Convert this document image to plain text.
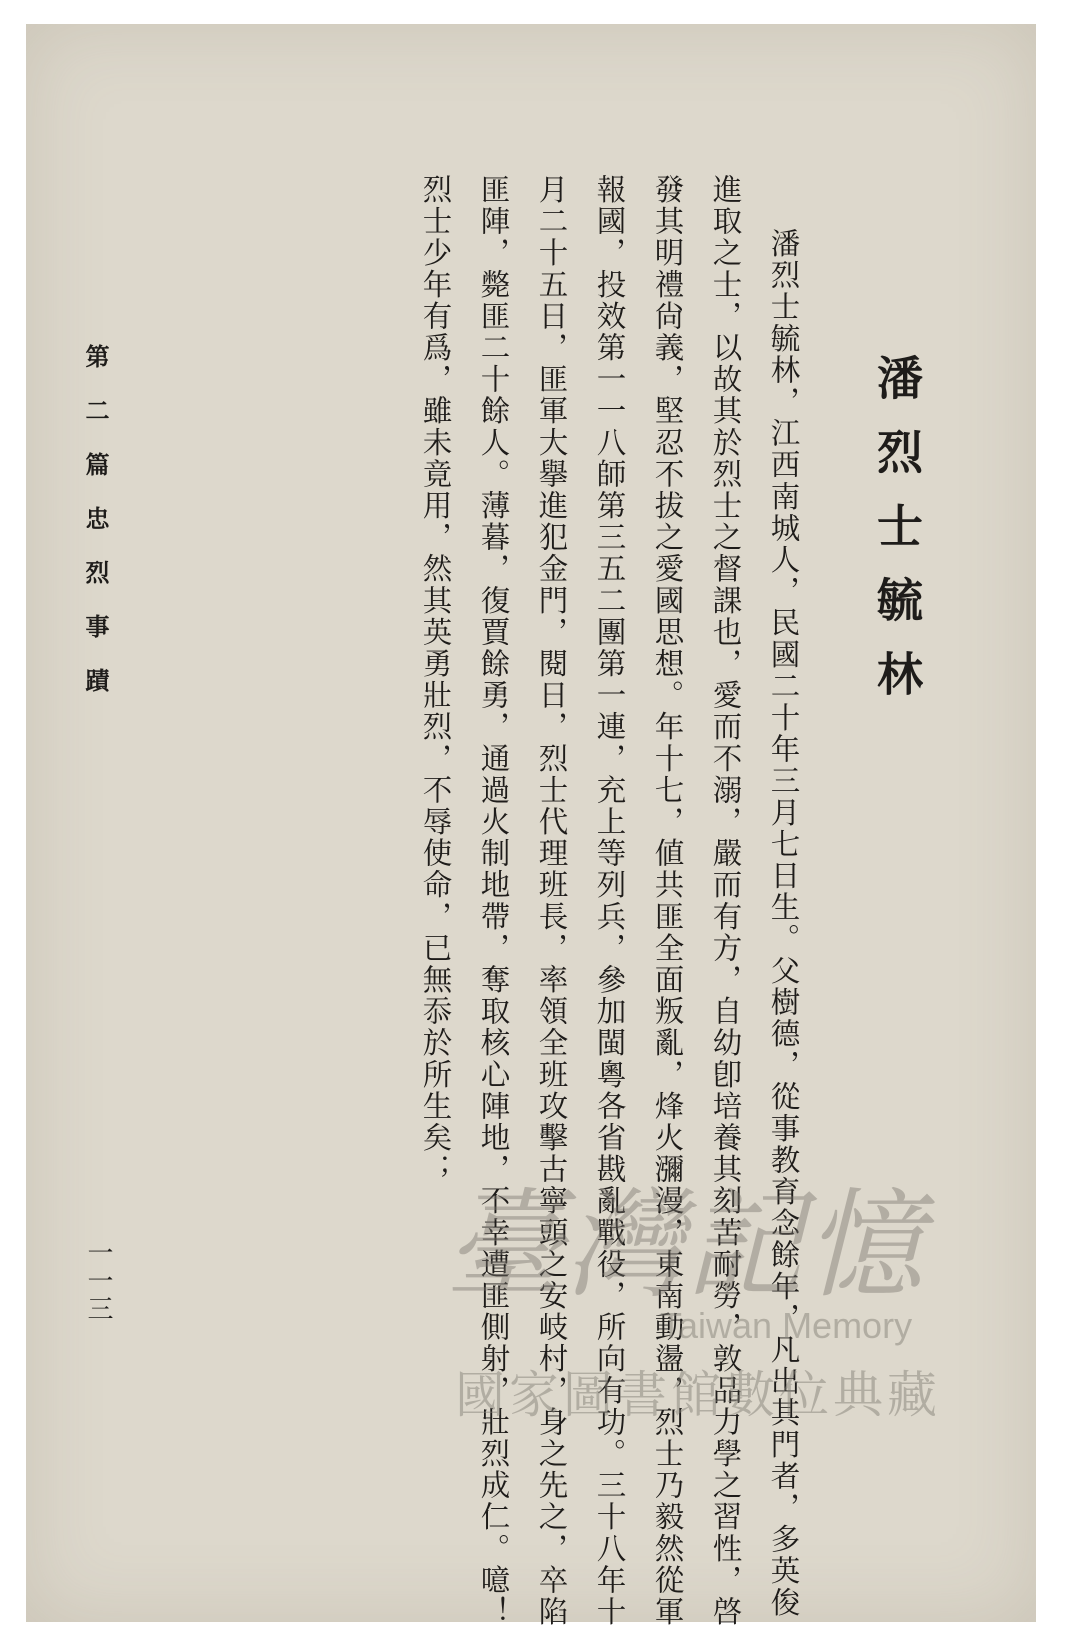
潘烈士毓林
潘烈士毓林，江西南城人，民國二十年三月七日生。父樹德，從事教育念餘年，凡出其門者，多英俊
進取之士，以故其於烈士之督課也，愛而不溺，嚴而有方，自幼卽培養其刻苦耐勞，敦品力學之習性，啓
發其明禮尙義，堅忍不拔之愛國思想。年十七，値共匪全面叛亂，烽火瀰漫，東南動盪，烈士乃毅然從軍
報國，投效第一一八師第三五二團第一連，充上等列兵，參加閩粵各省戡亂戰役，所向有功。三十八年十
月二十五日，匪軍大擧進犯金門，閱日，烈士代理班長，率領全班攻擊古寧頭之安岐村，身之先之，卒陷
匪陣，斃匪二十餘人。薄暮，復賈餘勇，通過火制地帶，奪取核心陣地，不幸遭匪側射，壯烈成仁。噫！
烈士少年有爲，雖未竟用，然其英勇壯烈，不辱使命，已無忝於所生矣；
第二篇忠烈事蹟
一一三	臺灣記憶
Taiwan Memory
國家圖書館數位典藏
